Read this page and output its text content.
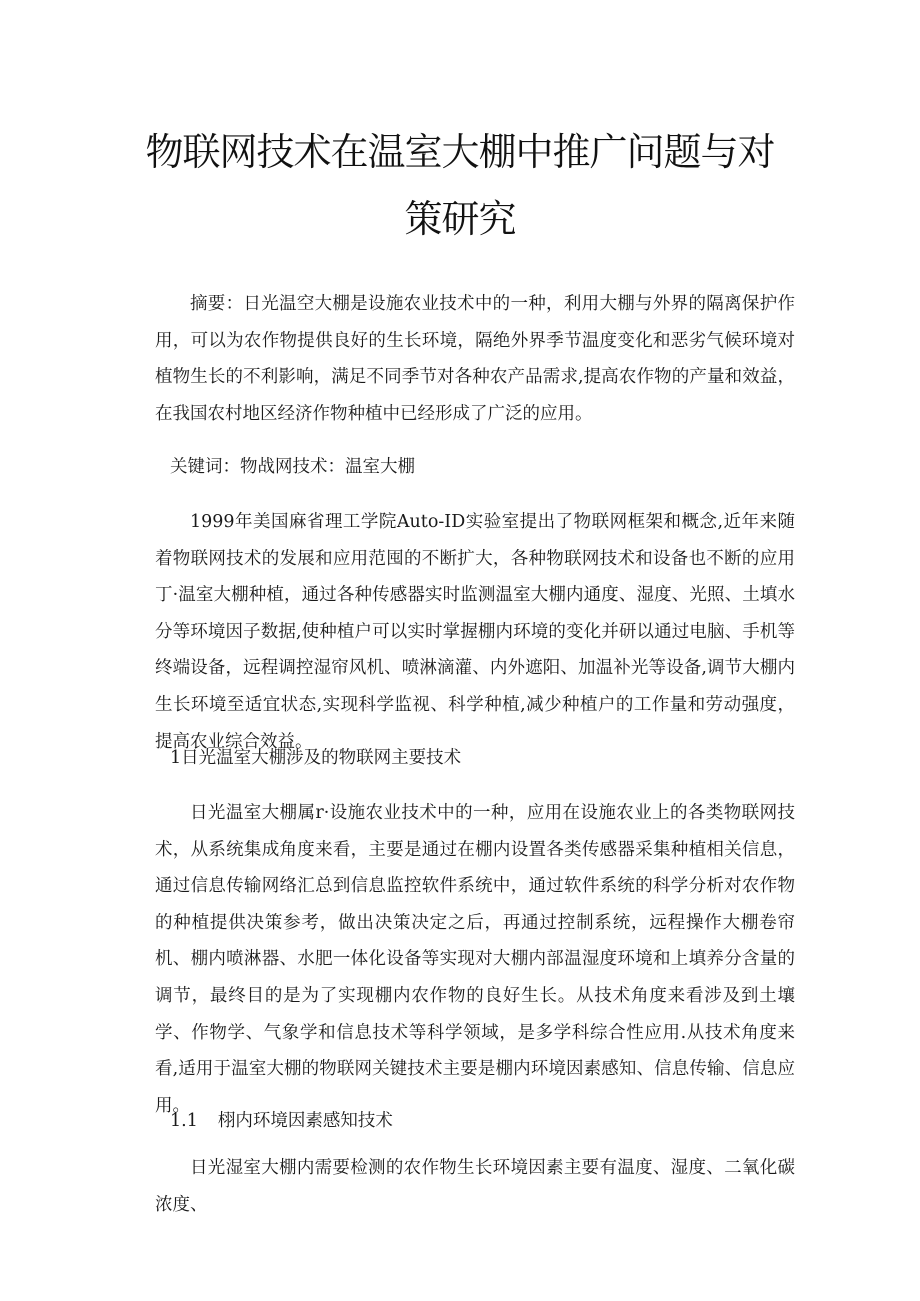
物联网技术在温室大棚中推广问题与对
策研究

摘要：日光温空大棚是设施农业技术中的一种，利用大棚与外界的隔离保护作用，可以为农作物提供良好的生长环境，隔绝外界季节温度变化和恶劣气候环境对植物生长的不利影响，满足不同季节对各种农产品需求,提高农作物的产量和效益，在我国农村地区经济作物种植中已经形成了广泛的应用。

关键词：物战网技术：温室大棚

1999年美国麻省理工学院Auto-ID实验室提出了物联网框架和概念,近年来随着物联网技术的发展和应用范囤的不断扩大，各种物联网技术和设备也不断的应用丁·温室大棚种植，通过各种传感器实时监测温室大棚内通度、湿度、光照、土填水分等环境因子数据,使种植户可以实时掌握棚内环境的变化并研以通过电脑、手机等终端设备，远程调控湿帘风机、喷淋滴灌、内外遮阳、加温补光等设备,调节大棚内生长环境至适宜状态,实现科学监视、科学种植,减少种植户的工作量和劳动强度，提高农业综合效益。

1日光温室大棚涉及的物联网主要技术

日光温室大棚属r·设施农业技术中的一种，应用在设施农业上的各类物联网技术，从系统集成角度来看，主要是通过在棚内设置各类传感器采集种植相关信息，通过信息传输网络汇总到信息监控软件系统中，通过软件系统的科学分析对农作物的种植提供决策参考，做出决策决定之后，再通过控制系统，远程操作大棚卷帘机、棚内喷淋器、水肥一体化设备等实现对大棚内部温湿度环境和上填养分含量的调节，最终目的是为了实现棚内农作物的良好生长。从技术角度来看涉及到土壤学、作物学、气象学和信息技术等科学领域，是多学科综合性应用.从技术角度来看,适用于温室大棚的物联网关键技术主要是棚内环境因素感知、信息传输、信息应用。

1.1 栩内环境因素感知技术

日光湿室大棚内需要检测的农作物生长环境因素主要有温度、湿度、二氧化碳浓度、
